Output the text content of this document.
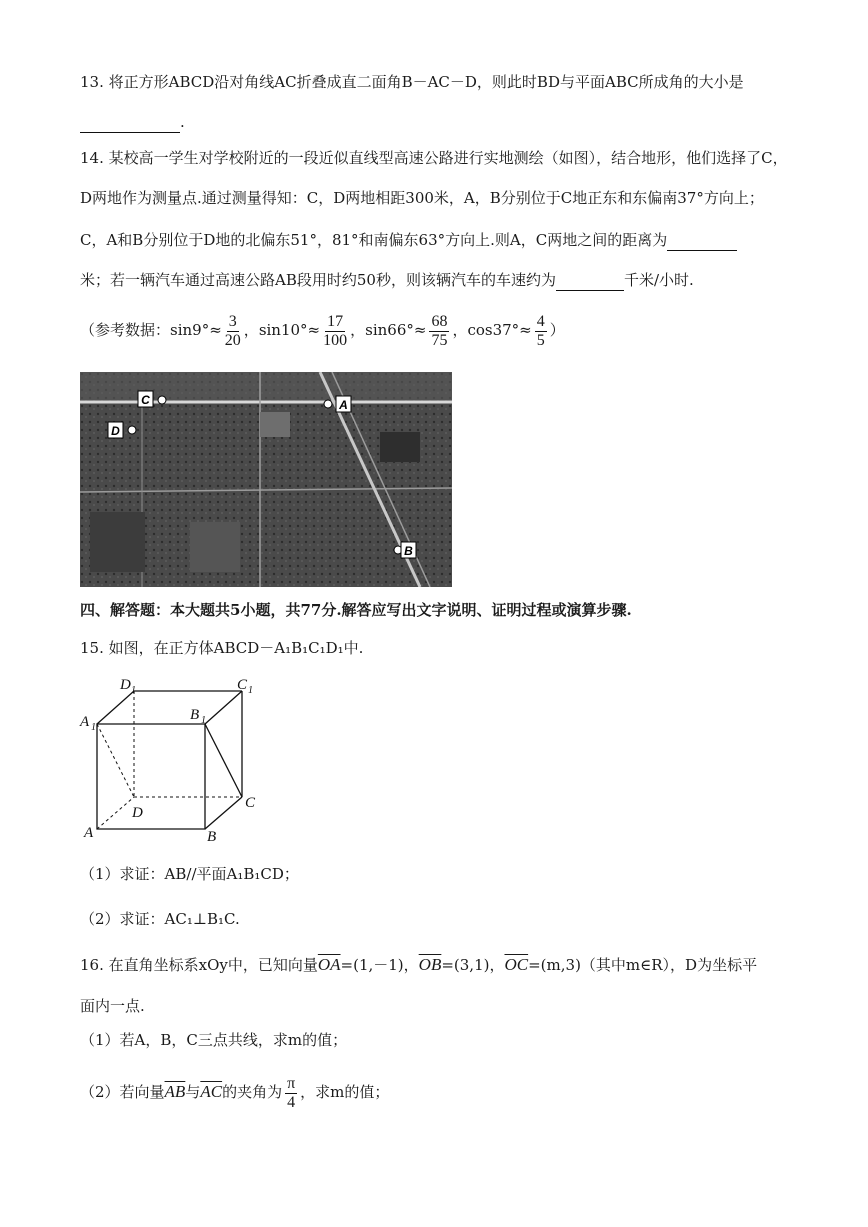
13. 将正方形ABCD沿对角线AC折叠成直二面角B－AC－D，则此时BD与平面ABC所成角的大小是
.
14. 某校高一学生对学校附近的一段近似直线型高速公路进行实地测绘（如图），结合地形，他们选择了C，
D两地作为测量点.通过测量得知：C，D两地相距300米，A，B分别位于C地正东和东偏南37°方向上；
C，A和B分别位于D地的北偏东51°，81°和南偏东63°方向上.则A，C两地之间的距离为
米；若一辆汽车通过高速公路AB段用时约50秒，则该辆汽车的车速约为	千米/小时.
（参考数据：$\sin 9^\circ\approx \frac{3}{20}$ ，$\sin 10^\circ\approx \frac{17}{100}$ ，$\sin 66^\circ\approx \frac{68}{75}$ ，$\cos 37^\circ\approx \frac{4}{5}$ ）
C	A
D
B
四、解答题：本大题共5小题，共77分.解答应写出文字说明、证明过程或演算步骤.
15. 如图，在正方体ABCD－A₁B₁C₁D₁中.
D 1	C 1
A 1
B 1
D
C
A	B
（1）求证：AB//平面A₁B₁CD；
（2）求证：AC₁⊥B₁C.
16. 在直角坐标系xOy中，已知向量$\overline{OA}=(1,-1)$，$\overline{OB}=(3,1)$，$\overline{OC}=(m,3)$（其中m∈R），D为坐标平
面内一点.
（1）若A，B，C三点共线，求m的值；
（2）若向量$\overline{AB}$与$\overline{AC}$的夹角为 $\frac{\pi}{4}$ ，求m的值；
